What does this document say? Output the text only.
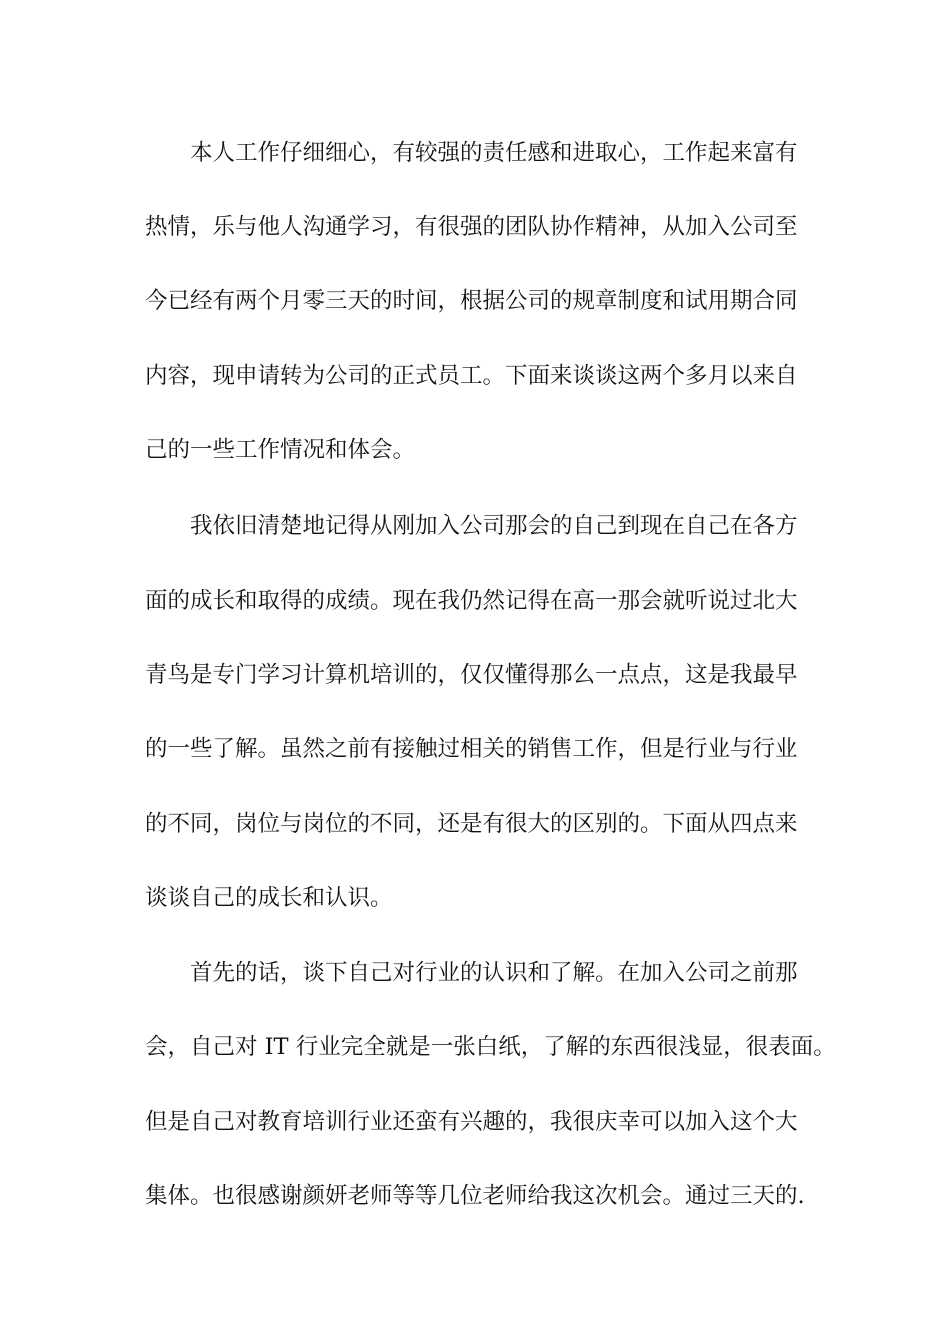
本人工作仔细细心，有较强的责任感和进取心，工作起来富有
热情，乐与他人沟通学习，有很强的团队协作精神，从加入公司至
今已经有两个月零三天的时间，根据公司的规章制度和试用期合同
内容，现申请转为公司的正式员工。下面来谈谈这两个多月以来自
己的一些工作情况和体会。
我依旧清楚地记得从刚加入公司那会的自己到现在自己在各方
面的成长和取得的成绩。现在我仍然记得在高一那会就听说过北大
青鸟是专门学习计算机培训的，仅仅懂得那么一点点，这是我最早
的一些了解。虽然之前有接触过相关的销售工作，但是行业与行业
的不同，岗位与岗位的不同，还是有很大的区别的。下面从四点来
谈谈自己的成长和认识。
首先的话，谈下自己对行业的认识和了解。在加入公司之前那
会，自己对 IT 行业完全就是一张白纸，了解的东西很浅显，很表面。
但是自己对教育培训行业还蛮有兴趣的，我很庆幸可以加入这个大
集体。也很感谢颜妍老师等等几位老师给我这次机会。通过三天的.
